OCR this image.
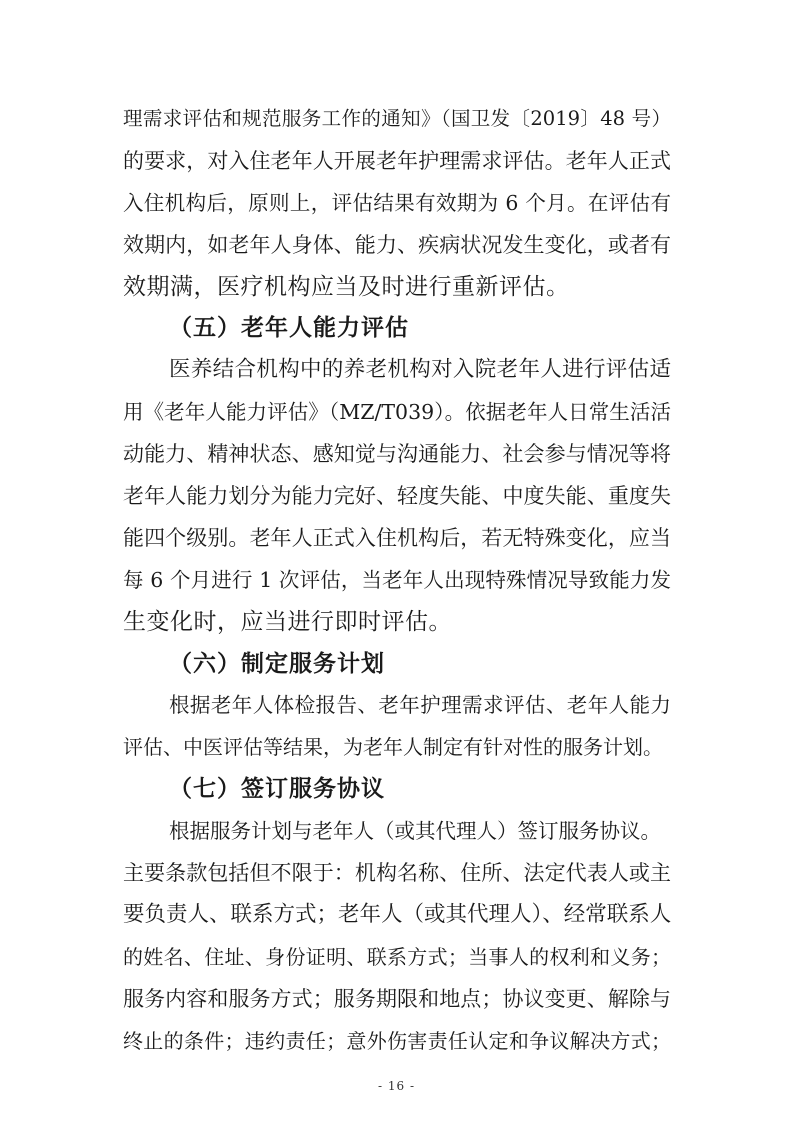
理需求评估和规范服务工作的通知》（国卫发〔2019〕48 号）
的要求，对入住老年人开展老年护理需求评估。老年人正式
入住机构后，原则上，评估结果有效期为 6 个月。在评估有
效期内，如老年人身体、能力、疾病状况发生变化，或者有
效期满，医疗机构应当及时进行重新评估。
（五）老年人能力评估
医养结合机构中的养老机构对入院老年人进行评估适
用《老年人能力评估》（MZ/T039）。依据老年人日常生活活
动能力、精神状态、感知觉与沟通能力、社会参与情况等将
老年人能力划分为能力完好、轻度失能、中度失能、重度失
能四个级别。老年人正式入住机构后，若无特殊变化，应当
每 6 个月进行 1 次评估，当老年人出现特殊情况导致能力发
生变化时，应当进行即时评估。
（六）制定服务计划
根据老年人体检报告、老年护理需求评估、老年人能力
评估、中医评估等结果，为老年人制定有针对性的服务计划。
（七）签订服务协议
根据服务计划与老年人（或其代理人）签订服务协议。
主要条款包括但不限于：机构名称、住所、法定代表人或主
要负责人、联系方式；老年人（或其代理人）、经常联系人
的姓名、住址、身份证明、联系方式；当事人的权利和义务；
服务内容和服务方式；服务期限和地点；协议变更、解除与
终止的条件；违约责任；意外伤害责任认定和争议解决方式；
- 16 -
